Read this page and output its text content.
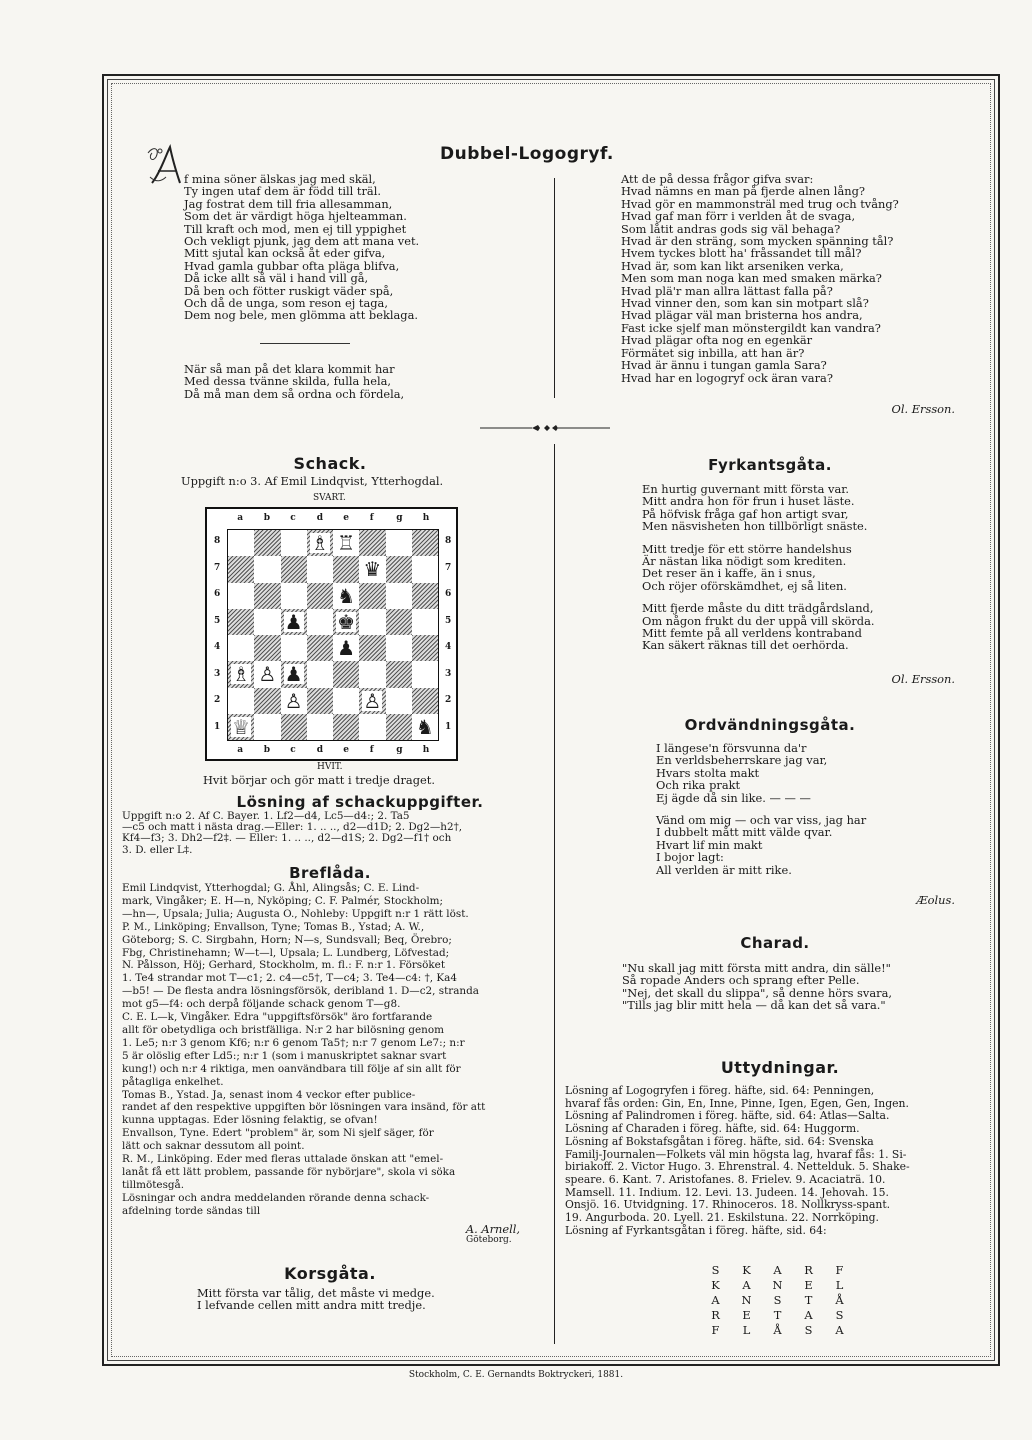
Dubbel-Logogryf.
f mina söner älskas jag med skäl,
Ty ingen utaf dem är född till träl.
Jag fostrat dem till fria allesamman,
Som det är värdigt höga hjelteamman.
Till kraft och mod, men ej till yppighet
Och vekligt pjunk, jag dem att mana vet.
Mitt sjutal kan också åt eder gifva,
Hvad gamla gubbar ofta pläga blifva,
Då icke allt så väl i hand vill gå,
Då ben och fötter ruskigt väder spå,
Och då de unga, som reson ej taga,
Dem nog bele, men glömma att beklaga.
När så man på det klara kommit har
Med dessa tvänne skilda, fulla hela,
Då må man dem så ordna och fördela,
Att de på dessa frågor gifva svar:
Hvad nämns en man på fjerde alnen lång?
Hvad gör en mammonsträl med trug och tvång?
Hvad gaf man förr i verlden åt de svaga,
Som låtit andras gods sig väl behaga?
Hvad är den sträng, som mycken spänning tål?
Hvem tyckes blott ha' fråssandet till mål?
Hvad är, som kan likt arseniken verka,
Men som man noga kan med smaken märka?
Hvad plä'r man allra lättast falla på?
Hvad vinner den, som kan sin motpart slå?
Hvad plägar väl man bristerna hos andra,
Fast icke sjelf man mönstergildt kan vandra?
Hvad plägar ofta nog en egenkär
Förmätet sig inbilla, att han är?
Hvad är ännu i tungan gamla Sara?
Hvad har en logogryf ock äran vara?
Ol. Ersson.
Schack.
Uppgift n:o 3. Af Emil Lindqvist, Ytterhogdal.
SVART.
♗ ♖
♛
♞
♟ ♚
♟
♗ ♙ ♟
♙	♙
♕	♞
a
a
b
b
c
c
d
d
e
e
f
f
g
g
h
h
8	8
7	7
6	6
5	5
4	4
3	3
2	2
1	1
HVIT.
Hvit börjar och gör matt i tredje draget.
Lösning af schackuppgifter.
Uppgift n:o 2. Af C. Bayer. 1. Lf2—d4, Lc5—d4:; 2. Ta5
—c5 och matt i nästa drag.—Eller: 1. .. .., d2—d1D; 2. Dg2—h2†,
Kf4—f3; 3. Dh2—f2‡. — Eller: 1. .. .., d2—d1S; 2. Dg2—f1† och
3. D. eller L‡.
Breflåda.
Emil Lindqvist, Ytterhogdal; G. Åhl, Alingsås; C. E. Lind-
mark, Vingåker; E. H—n, Nyköping; C. F. Palmér, Stockholm;
—hn—, Upsala; Julia; Augusta O., Nohleby: Uppgift n:r 1 rätt löst.
P. M., Linköping; Envallson, Tyne; Tomas B., Ystad; A. W.,
Göteborg; S. C. Sirgbahn, Horn; N—s, Sundsvall; Beq, Örebro;
Fbg, Christinehamn; W—t—l, Upsala; L. Lundberg, Löfvestad;
N. Pålsson, Höj; Gerhard, Stockholm, m. fl.: F. n:r 1. Försöket
1. Te4 strandar mot T—c1; 2. c4—c5†, T—c4; 3. Te4—c4: †, Ka4
—b5! — De flesta andra lösningsförsök, deribland 1. D—c2, stranda
mot g5—f4: och derpå följande schack genom T—g8.
C. E. L—k, Vingåker. Edra "uppgiftsförsök" äro fortfarande
allt för obetydliga och bristfälliga. N:r 2 har bilösning genom
1. Le5; n:r 3 genom Kf6; n:r 6 genom Ta5†; n:r 7 genom Le7:; n:r
5 är olöslig efter Ld5:; n:r 1 (som i manuskriptet saknar svart
kung!) och n:r 4 riktiga, men oanvändbara till följe af sin allt för
påtagliga enkelhet.
Tomas B., Ystad. Ja, senast inom 4 veckor efter publice-
randet af den respektive uppgiften bör lösningen vara insänd, för att
kunna upptagas. Eder lösning felaktig, se ofvan!
Envallson, Tyne. Edert "problem" är, som Ni sjelf säger, för
lätt och saknar dessutom all point.
R. M., Linköping. Eder med fleras uttalade önskan att "emel-
lanåt få ett lätt problem, passande för nybörjare", skola vi söka
tillmötesgå.
Lösningar och andra meddelanden rörande denna schack-
afdelning torde sändas till
A. Arnell,
Göteborg.
Korsgåta.
Mitt första var tålig, det måste vi medge.
I lefvande cellen mitt andra mitt tredje.
Fyrkantsgåta.
En hurtig guvernant mitt första var.
Mitt andra hon för frun i huset läste.
På höfvisk fråga gaf hon artigt svar,
Men näsvisheten hon tillbörligt snäste.
Mitt tredje för ett större handelshus
Är nästan lika nödigt som krediten.
Det reser än i kaffe, än i snus,
Och röjer oförskämdhet, ej så liten.
Mitt fjerde måste du ditt trädgårdsland,
Om någon frukt du der uppå vill skörda.
Mitt femte på all verldens kontraband
Kan säkert räknas till det oerhörda.
Ol. Ersson.
Ordvändningsgåta.
I längese'n försvunna da'r
En verldsbeherrskare jag var,
Hvars stolta makt
Och rika prakt
Ej ägde då sin like. — — —
Vänd om mig — och var viss, jag har
I dubbelt mått mitt välde qvar.
Hvart lif min makt
I bojor lagt:
All verlden är mitt rike.
Æolus.
Charad.
"Nu skall jag mitt första mitt andra, din sälle!"
Så ropade Anders och sprang efter Pelle.
"Nej, det skall du slippa", så denne hörs svara,
"Tills jag blir mitt hela — då kan det så vara."
Uttydningar.
Lösning af Logogryfen i föreg. häfte, sid. 64: Penningen,
hvaraf fås orden: Gin, En, Inne, Pinne, Igen, Egen, Gen, Ingen.
Lösning af Palindromen i föreg. häfte, sid. 64: Atlas—Salta.
Lösning af Charaden i föreg. häfte, sid. 64: Huggorm.
Lösning af Bokstafsgåtan i föreg. häfte, sid. 64: Svenska
Familj-Journalen—Folkets väl min högsta lag, hvaraf fås: 1. Si-
biriakoff. 2. Victor Hugo. 3. Ehrenstral. 4. Nettelduk. 5. Shake-
speare. 6. Kant. 7. Aristofanes. 8. Frielev. 9. Acaciaträ. 10.
Mamsell. 11. Indium. 12. Levi. 13. Judeen. 14. Jehovah. 15.
Onsjö. 16. Utvidgning. 17. Rhinoceros. 18. Nollkryss-spant.
19. Angurboda. 20. Lyell. 21. Eskilstuna. 22. Norrköping.
Lösning af Fyrkantsgåtan i föreg. häfte, sid. 64:
S	K	A	R	F
K	A	N	E	L
A	N	S	T	Å
R	E	T	A	S
F	L	Å	S	A
Stockholm, C. E. Gernandts Boktryckeri, 1881.
